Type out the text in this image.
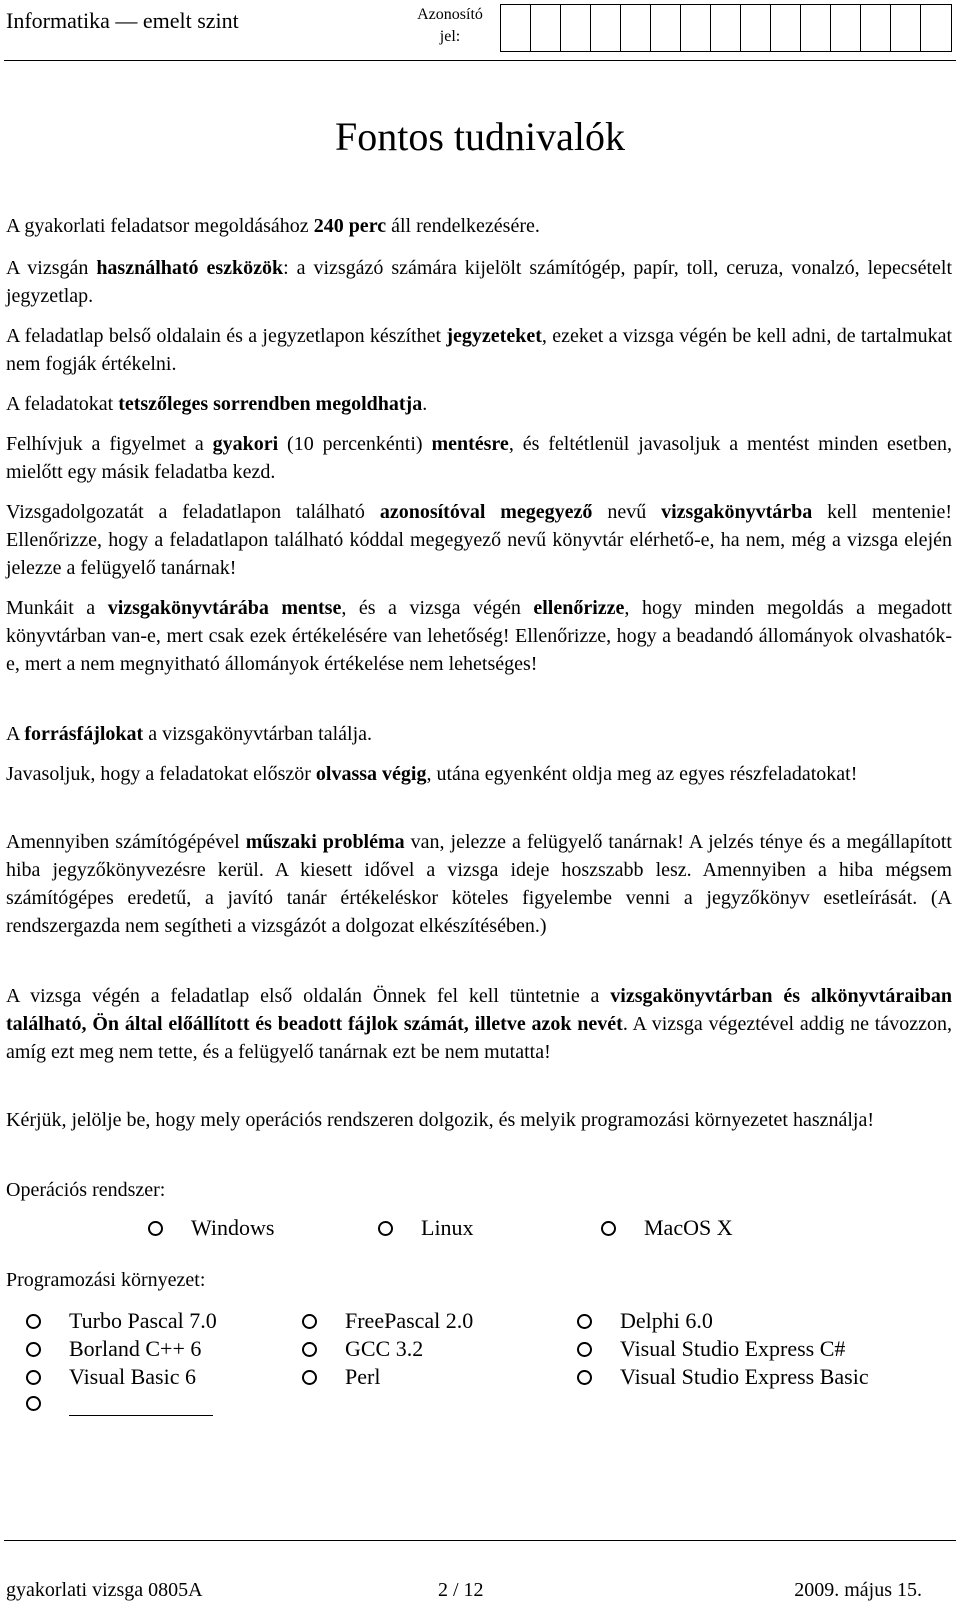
Informatika — emelt szint	Azonosító
jel:
Fontos tudnivalók

A gyakorlati feladatsor megoldásához 240 perc áll rendelkezésére.

A vizsgán használható eszközök: a vizsgázó számára kijelölt számítógép, papír, toll, ceruza, vonalzó, lepecsételt jegyzetlap.

A feladatlap belső oldalain és a jegyzetlapon készíthet jegyzeteket, ezeket a vizsga végén be kell adni, de tartalmukat nem fogják értékelni.

A feladatokat tetszőleges sorrendben megoldhatja.

Felhívjuk a figyelmet a gyakori (10 percenkénti) mentésre, és feltétlenül javasoljuk a mentést minden esetben, mielőtt egy másik feladatba kezd.

Vizsgadolgozatát a feladatlapon található azonosítóval megegyező nevű vizsgakönyvtárba kell mentenie! Ellenőrizze, hogy a feladatlapon található kóddal megegyező nevű könyvtár elérhető-e, ha nem, még a vizsga elején jelezze a felügyelő tanárnak!

Munkáit a vizsgakönyvtárába mentse, és a vizsga végén ellenőrizze, hogy minden megoldás a megadott könyvtárban van-e, mert csak ezek értékelésére van lehetőség! Ellenőrizze, hogy a beadandó állományok olvashatók-e, mert a nem megnyitható állományok értékelése nem lehetséges!

A forrásfájlokat a vizsgakönyvtárban találja.

Javasoljuk, hogy a feladatokat először olvassa végig, utána egyenként oldja meg az egyes részfeladatokat!

Amennyiben számítógépével műszaki probléma van, jelezze a felügyelő tanárnak! A jelzés ténye és a megállapított hiba jegyzőkönyvezésre kerül. A kiesett idővel a vizsga ideje hoszszabb lesz. Amennyiben a hiba mégsem számítógépes eredetű, a javító tanár értékeléskor köteles figyelembe venni a jegyzőkönyv esetleírását. (A rendszergazda nem segítheti a vizsgázót a dolgozat elkészítésében.)

A vizsga végén a feladatlap első oldalán Önnek fel kell tüntetnie a vizsgakönyvtárban és alkönyvtáraiban található, Ön által előállított és beadott fájlok számát, illetve azok nevét. A vizsga végeztével addig ne távozzon, amíg ezt meg nem tette, és a felügyelő tanárnak ezt be nem mutatta!

Kérjük, jelölje be, hogy mely operációs rendszeren dolgozik, és melyik programozási környezetet használja!

Operációs rendszer:
Windows	Linux	MacOS X
Programozási környezet:
Turbo Pascal 7.0	FreePascal 2.0	Delphi 6.0
Borland C++ 6	GCC 3.2	Visual Studio Express C#
Visual Basic 6	Perl	Visual Studio Express Basic
gyakorlati vizsga 0805A	2 / 12	2009. május 15.
